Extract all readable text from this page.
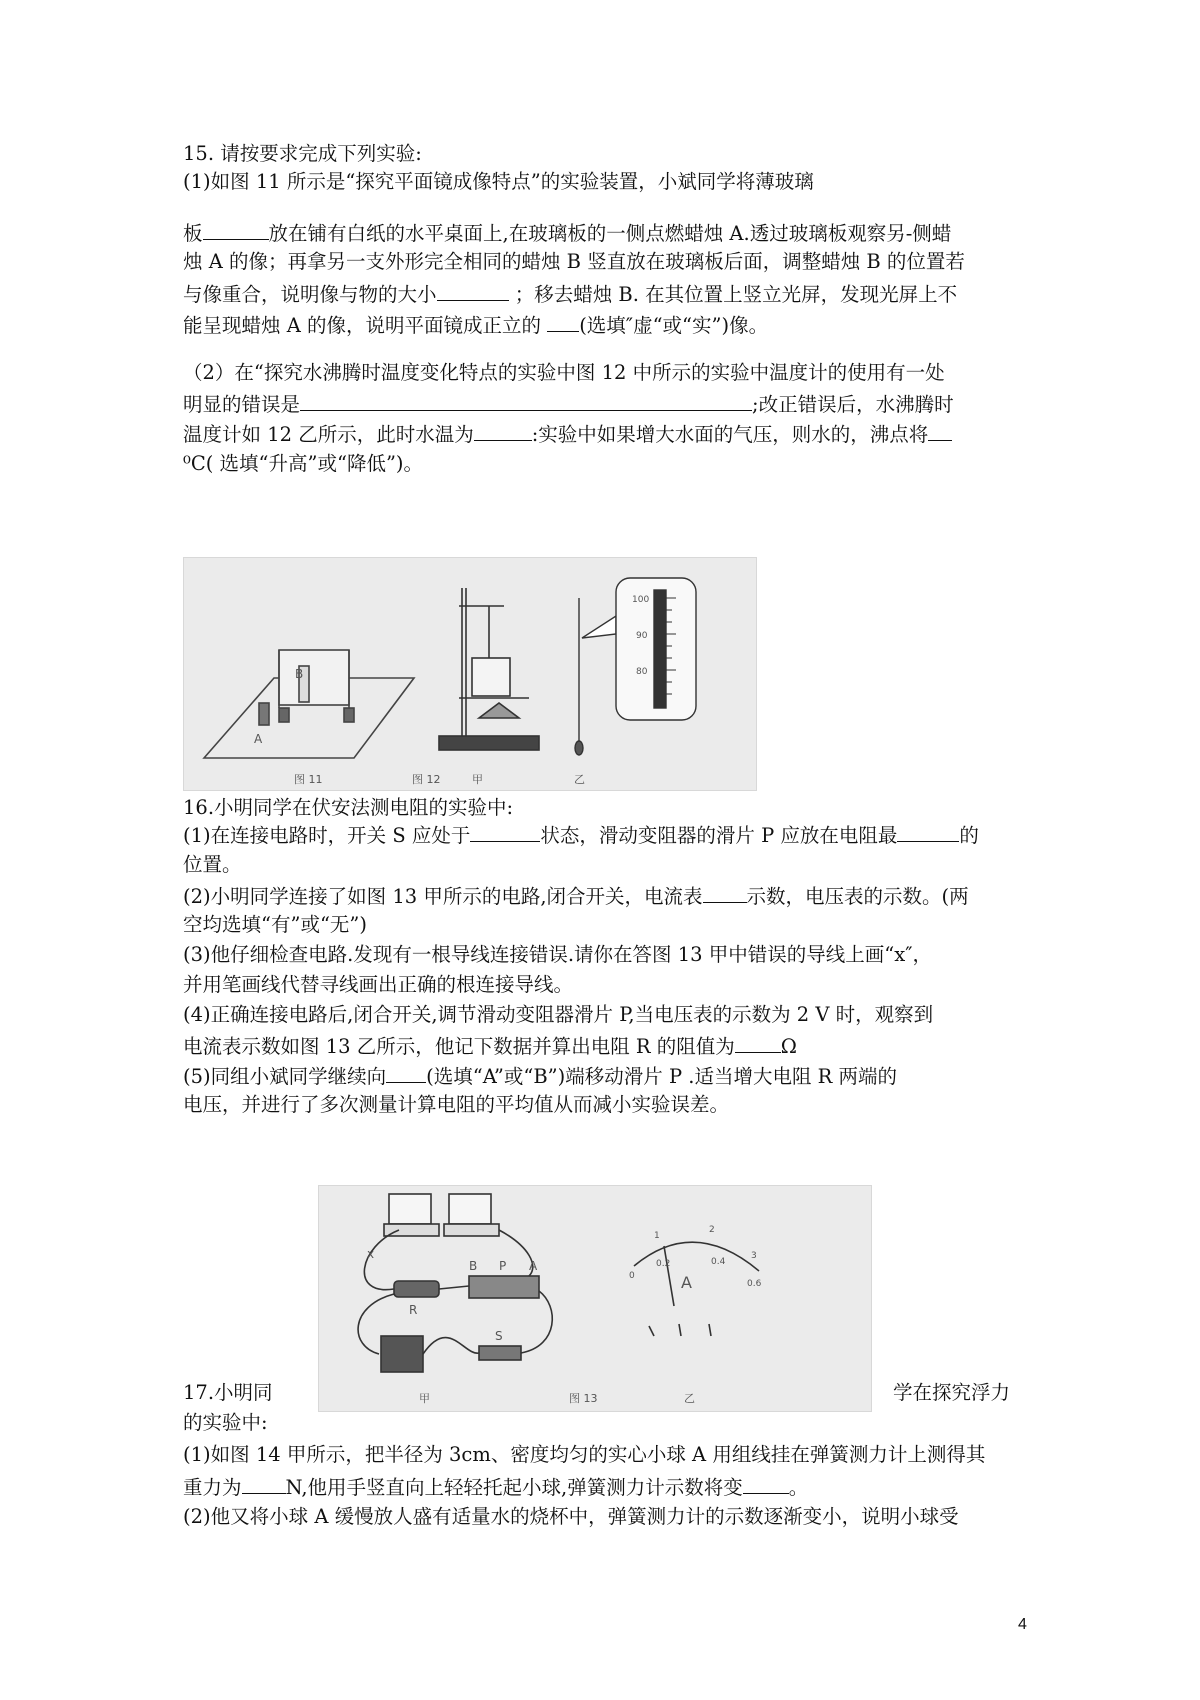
15. 请按要求完成下列实验:
(1)如图 11 所示是“探究平面镜成像特点”的实验装置，小斌同学将薄玻璃
板	放在铺有白纸的水平桌面上,在玻璃板的一侧点燃蜡烛 A.透过玻璃板观察另-侧蜡
烛 A 的像；再拿另一支外形完全相同的蜡烛 B 竖直放在玻璃板后面，调整蜡烛 B 的位置若
与像重合，说明像与物的大小	；移去蜡烛 B. 在其位置上竖立光屏，发现光屏上不
能呈现蜡烛 A 的像，说明平面镜成正立的 (选填″虚“或“实”)像。
（2）在“探究水沸腾时温度变化特点的实验中图 12 中所示的实验中温度计的使用有一处
明显的错误是	;改正错误后，水沸腾时
温度计如 12 乙所示，此时水温为	:实验中如果增大水面的气压，则水的，沸点将
⁰C( 选填“升高”或“降低”)。
A
B
图 11	甲
图 12
100
90
80
乙
16.小明同学在伏安法测电阻的实验中:
(1)在连接电路时，开关 S 应处于	状态，滑动变阻器的滑片 P 应放在电阻最	的
位置。
(2)小明同学连接了如图 13 甲所示的电路,闭合开关，电流表 示数，电压表的示数。(两
空均选填“有”或“无”)
(3)他仔细检查电路.发现有一根导线连接错误.请你在答图 13 甲中错误的导线上画“x″，
并用笔画线代替寻线画出正确的根连接导线。
(4)正确连接电路后,闭合开关,调节滑动变阻器滑片 P,当电压表的示数为 2 V 时，观察到
电流表示数如图 13 乙所示，他记下数据并算出电阻 R 的阻值为 Ω
(5)同组小斌同学继续向 (选填“A”或“B”)端移动滑片 P .适当增大电阻 R 两端的
电压，并进行了多次测量计算电阻的平均值从而减小实验误差。
x
B P A
R
S
甲	图 13
0
0.2	0.4
0.6
1
2
3
A
乙
17.小明同	学在探究浮力
的实验中:
(1)如图 14 甲所示，把半径为 3cm、密度均匀的实心小球 A 用组线挂在弹簧测力计上测得其
重力为 N,他用手竖直向上轻轻托起小球,弹簧测力计示数将变 。
(2)他又将小球 A 缓慢放人盛有适量水的烧杯中，弹簧测力计的示数逐渐变小，说明小球受
4
